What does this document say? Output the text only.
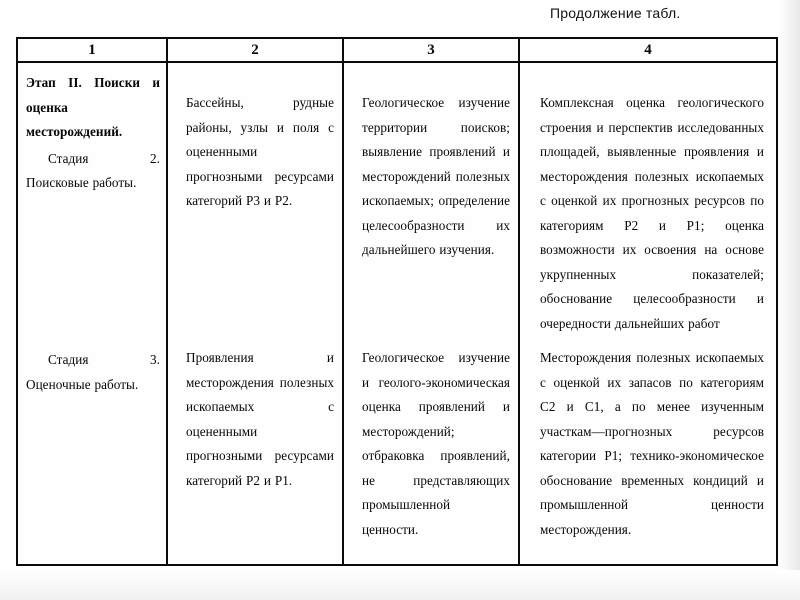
Продолжение табл.
1	2	3	4

Этап II. Поиски и оценка месторождений.
Стадия 2. Поисковые работы.	Бассейны, рудные районы, узлы и поля с оцененными прогнозными ресурсами категорий P3 и P2.	Геологическое изучение территории поисков; выявление проявлений и месторождений полезных ископаемых; определение целесообразности их дальнейшего изучения.	Комплексная оценка геологического строения и перспектив исследованных площадей, выявленные проявления и месторождения полезных ископаемых с оценкой их прогнозных ресурсов по категориям P2 и P1; оценка возможности их освоения на основе укрупненных показателей; обоснование целесообразности и очередности дальнейших работ

Стадия 3. Оценочные работы.	Проявления и месторождения полезных ископаемых с оцененными прогнозными ресурсами категорий P2 и P1.	Геологическое изучение и геолого-экономическая оценка проявлений и месторождений; отбраковка проявлений, не представляющих промышленной ценности.	Месторождения полезных ископаемых с оценкой их запасов по категориям C2 и C1, а по менее изученным участкам—прогнозных ресурсов категории P1; технико-экономическое обоснование временных кондиций и промышленной ценности месторождения.
